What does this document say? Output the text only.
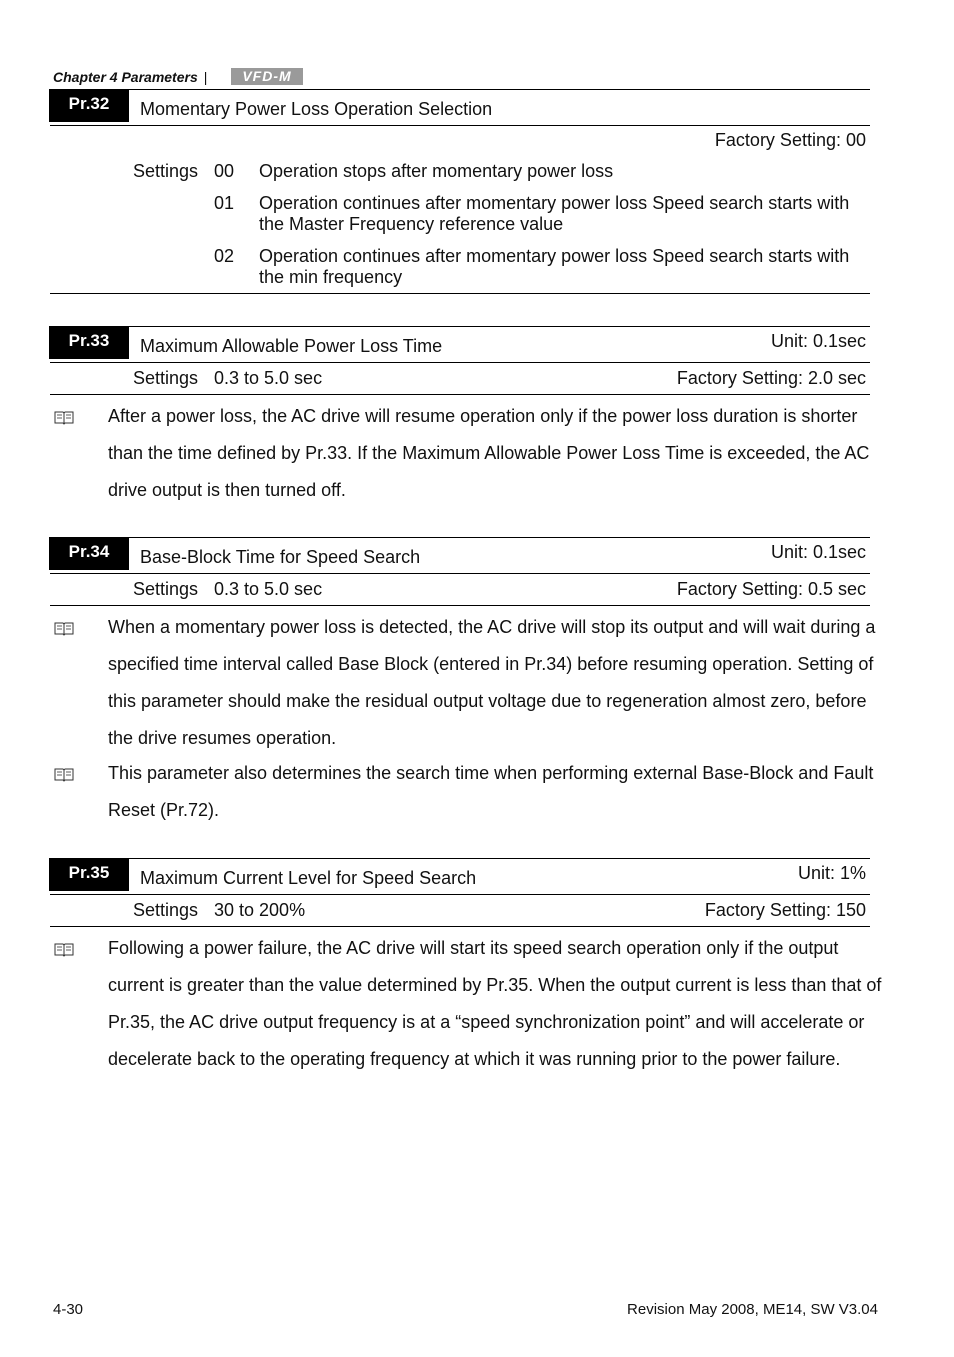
Chapter 4 Parameters |	VFD-M
Pr.32	Momentary Power Loss Operation Selection
Factory Setting: 00
Settings 00 Operation stops after momentary power loss
01 Operation continues after momentary power loss Speed search starts with the Master Frequency reference value
02 Operation continues after momentary power loss Speed search starts with the min frequency
Pr.33	Maximum Allowable Power Loss Time	Unit: 0.1sec
Settings 0.3 to 5.0 sec	Factory Setting: 2.0 sec
After a power loss, the AC drive will resume operation only if the power loss duration is shorter than the time defined by Pr.33. If the Maximum Allowable Power Loss Time is exceeded, the AC drive output is then turned off.
Pr.34	Base-Block Time for Speed Search	Unit: 0.1sec
Settings 0.3 to 5.0 sec	Factory Setting: 0.5 sec
When a momentary power loss is detected, the AC drive will stop its output and will wait during a specified time interval called Base Block (entered in Pr.34) before resuming operation. Setting of this parameter should make the residual output voltage due to regeneration almost zero, before the drive resumes operation.
This parameter also determines the search time when performing external Base-Block and Fault Reset (Pr.72).
Pr.35	Maximum Current Level for Speed Search	Unit: 1%
Settings 30 to 200%	Factory Setting: 150
Following a power failure, the AC drive will start its speed search operation only if the output current is greater than the value determined by Pr.35. When the output current is less than that of Pr.35, the AC drive output frequency is at a “speed synchronization point” and will accelerate or decelerate back to the operating frequency at which it was running prior to the power failure.
4-30	Revision May 2008, ME14, SW V3.04
